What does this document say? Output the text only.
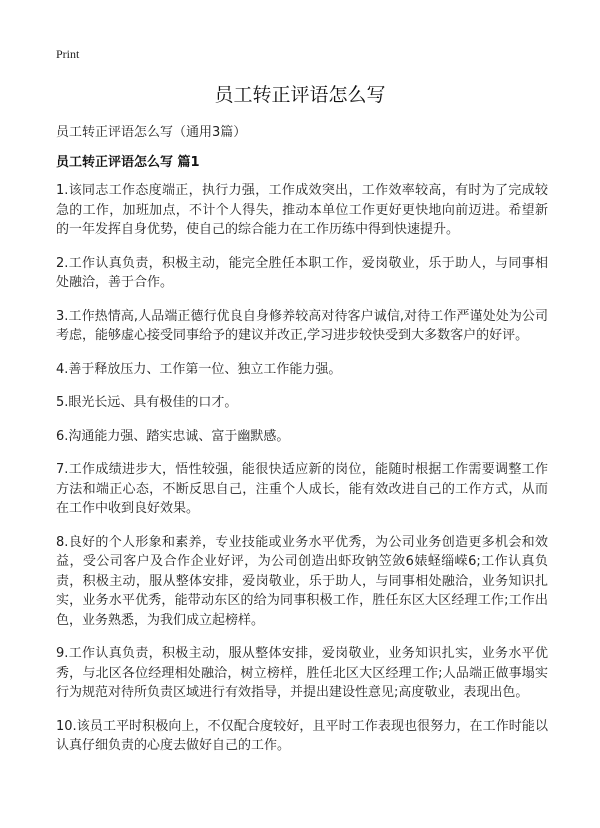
Print
员工转正评语怎么写
员工转正评语怎么写（通用3篇）
员工转正评语怎么写 篇1

1.该同志工作态度端正，执行力强，工作成效突出，工作效率较高，有时为了完成较急的工作，加班加点，不计个人得失，推动本单位工作更好更快地向前迈进。希望新的一年发挥自身优势，使自己的综合能力在工作历练中得到快速提升。

2.工作认真负责，积极主动，能完全胜任本职工作，爱岗敬业，乐于助人，与同事相处融洽，善于合作。

3.工作热情高,人品端正德行优良自身修养较高对待客户诚信,对待工作严谨处处为公司考虑，能够虚心接受同事给予的建议并改正,学习进步较快受到大多数客户的好评。

4.善于释放压力、工作第一位、独立工作能力强。

5.眼光长远、具有极佳的口才。

6.沟通能力强、踏实忠诚、富于幽默感。

7.工作成绩进步大，悟性较强，能很快适应新的岗位，能随时根据工作需要调整工作方法和端正心态，不断反思自己，注重个人成长，能有效改进自己的工作方式，从而在工作中收到良好效果。

8.良好的个人形象和素养，专业技能或业务水平优秀，为公司业务创造更多机会和效益，受公司客户及合作企业好评，为公司创造出虾玫钠笠敛6婊蛏缁嵘6;工作认真负责，积极主动，服从整体安排，爱岗敬业，乐于助人，与同事相处融洽，业务知识扎实，业务水平优秀，能带动东区的给为同事积极工作，胜任东区大区经理工作;工作出色，业务熟悉，为我们成立起榜样。

9.工作认真负责，积极主动，服从整体安排，爱岗敬业，业务知识扎实，业务水平优秀，与北区各位经理相处融洽，树立榜样，胜任北区大区经理工作;人品端正做事塌实行为规范对待所负责区域进行有效指导，并提出建设性意见;高度敬业，表现出色。

10.该员工平时积极向上，不仅配合度较好，且平时工作表现也很努力，在工作时能以认真仔细负责的心度去做好自己的工作。
